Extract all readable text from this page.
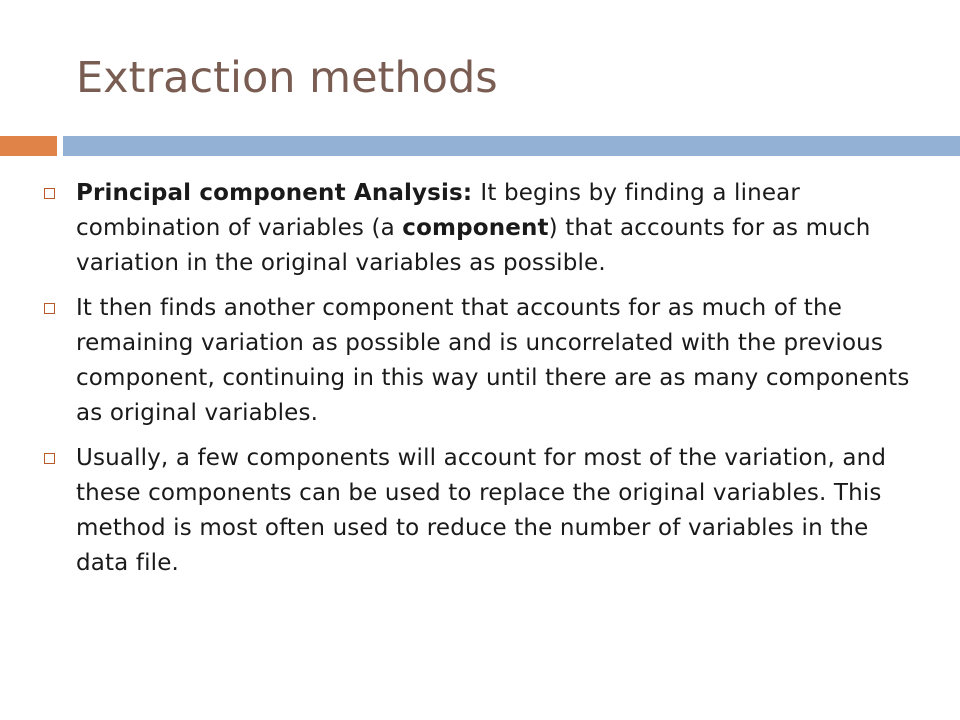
Extraction methods
Principal component Analysis: It begins by finding a linear combination of variables (a component) that accounts for as much variation in the original variables as possible.
It then finds another component that accounts for as much of the remaining variation as possible and is uncorrelated with the previous component, continuing in this way until there are as many components as original variables.
Usually, a few components will account for most of the variation, and these components can be used to replace the original variables. This method is most often used to reduce the number of variables in the data file.
